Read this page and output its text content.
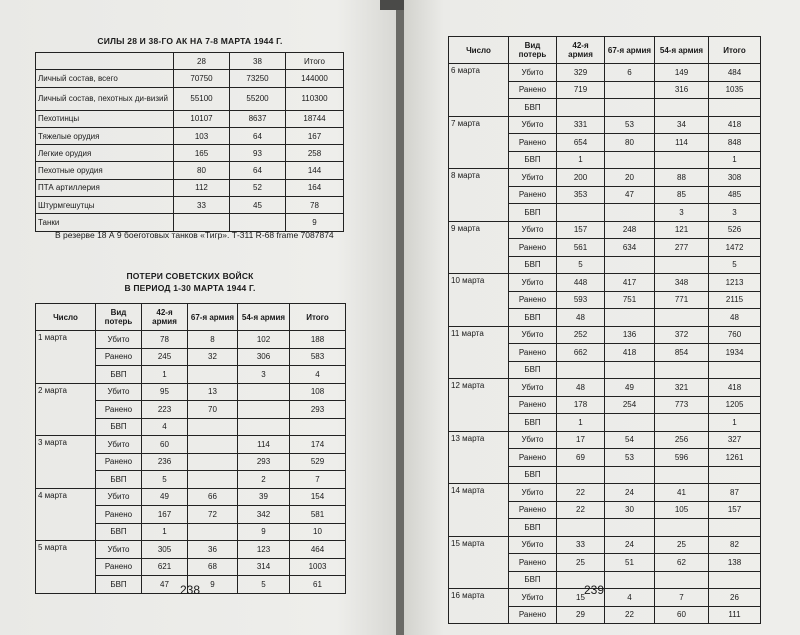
СИЛЫ 28 И 38-ГО АК НА 7-8 МАРТА 1944 Г.
	28	38	Итого
Личный состав, всего	70750	73250	144000
Личный состав, пехотных ди-визий	55100	55200	110300
Пехотинцы	10107	8637	18744
Тяжелые орудия	103	64	167
Легкие орудия	165	93	258
Пехотные орудия	80	64	144
ПТА артиллерия	112	52	164
Штурмгешутцы	33	45	78
Танки			9

В резерве 18 А 9 боеготовых танков «Тигр». Т-311 R-68 frame 7087874

ПОТЕРИ СОВЕТСКИХ ВОЙСК
В ПЕРИОД 1-30 МАРТА 1944 Г.
Число	Вид потерь	42-я армия	67-я армия	54-я армия	Итого
1 марта	Убито	78	8	102	188
	Ранено	245	32	306	583
	БВП	1		3	4
2 марта	Убито	95	13		108
	Ранено	223	70		293
	БВП	4			
3 марта	Убито	60		114	174
	Ранено	236		293	529
	БВП	5		2	7
4 марта	Убито	49	66	39	154
	Ранено	167	72	342	581
	БВП	1		9	10
5 марта	Убито	305	36	123	464
	Ранено	621	68	314	1003
	БВП	47	9	5	61
238
Число	Вид потерь	42-я армия	67-я армия	54-я армия	Итого
6 марта	Убито	329	6	149	484
	Ранено	719		316	1035
	БВП				
7 марта	Убито	331	53	34	418
	Ранено	654	80	114	848
	БВП	1			1
8 марта	Убито	200	20	88	308
	Ранено	353	47	85	485
	БВП			3	3
9 марта	Убито	157	248	121	526
	Ранено	561	634	277	1472
	БВП	5			5
10 марта	Убито	448	417	348	1213
	Ранено	593	751	771	2115
	БВП	48			48
11 марта	Убито	252	136	372	760
	Ранено	662	418	854	1934
	БВП				
12 марта	Убито	48	49	321	418
	Ранено	178	254	773	1205
	БВП	1			1
13 марта	Убито	17	54	256	327
	Ранено	69	53	596	1261
	БВП				
14 марта	Убито	22	24	41	87
	Ранено	22	30	105	157
	БВП				
15 марта	Убито	33	24	25	82
	Ранено	25	51	62	138
	БВП				
16 марта	Убито	15	4	7	26
	Ранено	29	22	60	111
239
